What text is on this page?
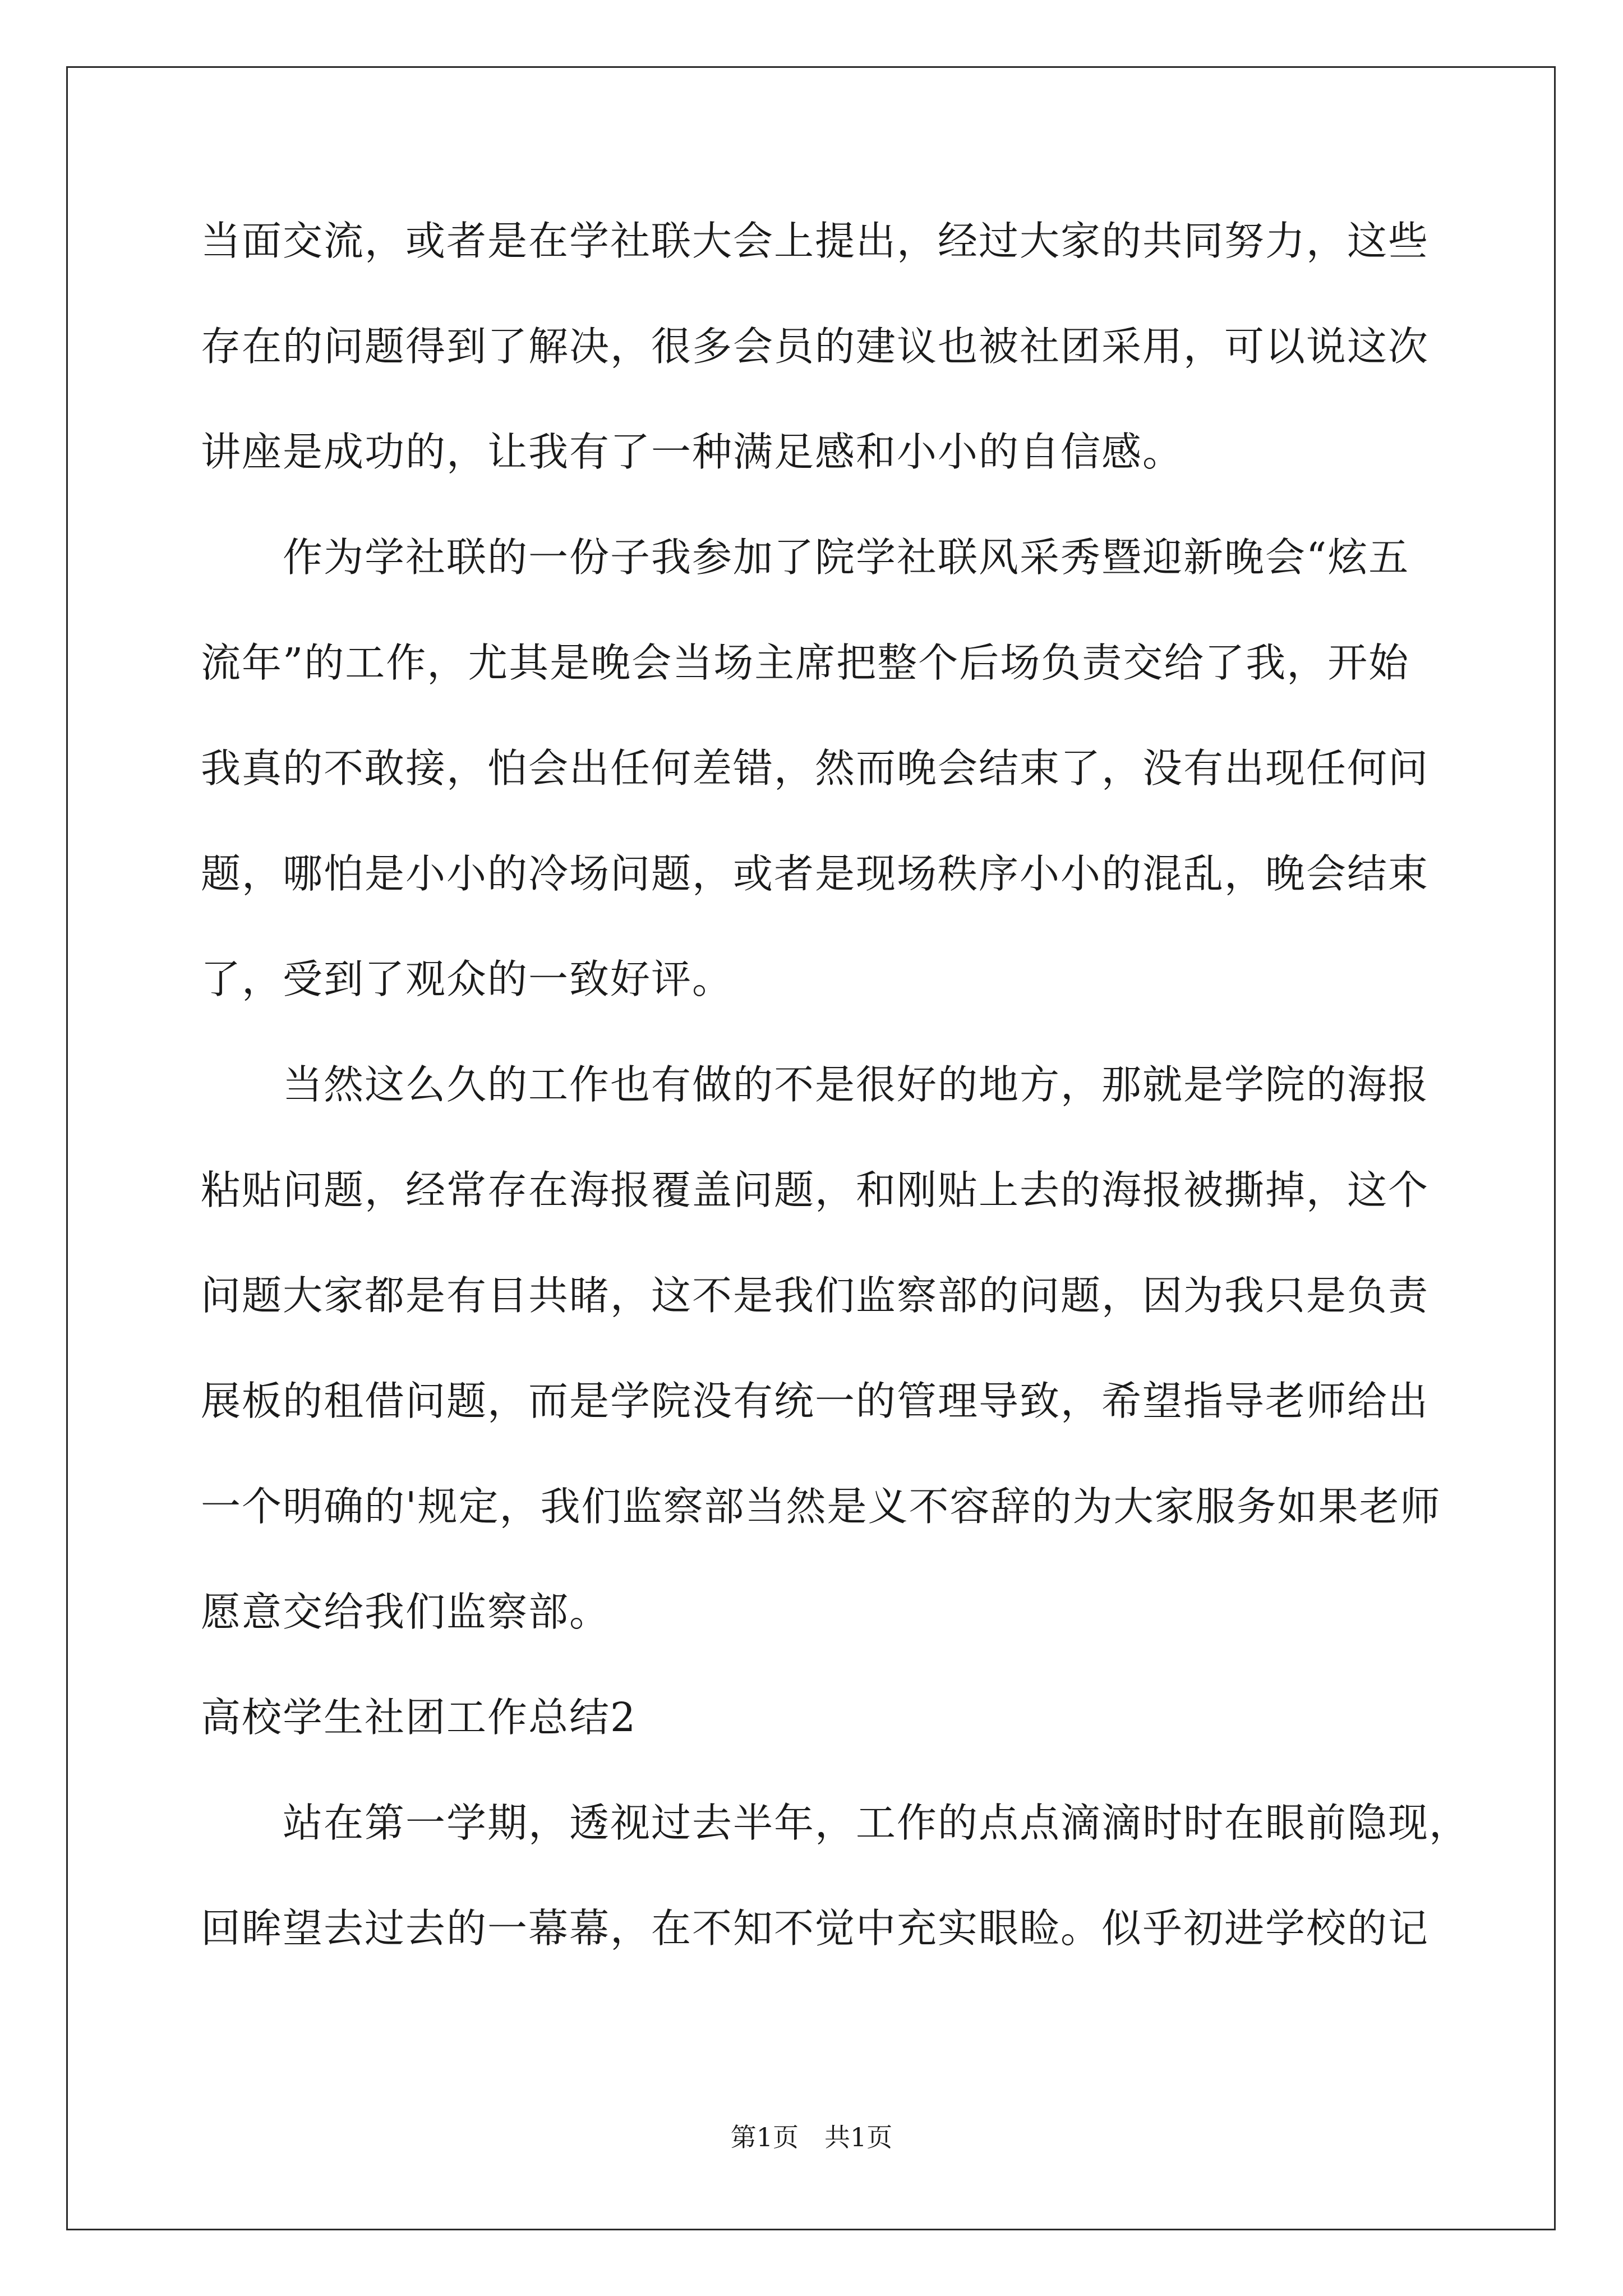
当面交流，或者是在学社联大会上提出，经过大家的共同努力，这些
存在的问题得到了解决，很多会员的建议也被社团采用，可以说这次
讲座是成功的，让我有了一种满足感和小小的自信感。
　　作为学社联的一份子我参加了院学社联风采秀暨迎新晚会“炫五
流年”的工作，尤其是晚会当场主席把整个后场负责交给了我，开始
我真的不敢接，怕会出任何差错，然而晚会结束了，没有出现任何问
题，哪怕是小小的冷场问题，或者是现场秩序小小的混乱，晚会结束
了，受到了观众的一致好评。
　　当然这么久的工作也有做的不是很好的地方，那就是学院的海报
粘贴问题，经常存在海报覆盖问题，和刚贴上去的海报被撕掉，这个
问题大家都是有目共睹，这不是我们监察部的问题，因为我只是负责
展板的租借问题，而是学院没有统一的管理导致，希望指导老师给出
一个明确的'规定，我们监察部当然是义不容辞的为大家服务如果老师
愿意交给我们监察部。
高校学生社团工作总结2
　　站在第一学期，透视过去半年，工作的点点滴滴时时在眼前隐现，
回眸望去过去的一幕幕，在不知不觉中充实眼睑。似乎初进学校的记
第1页　共1页
